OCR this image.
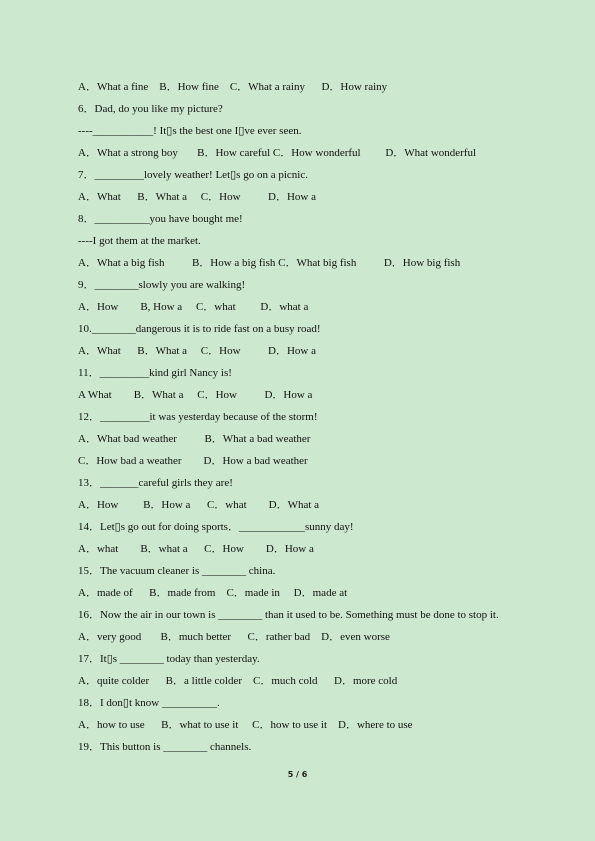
A．What a fine    B．How fine    C．What a rainy      D．How rainy
6．Dad, do you like my picture?
----___________! It▯s the best one I▯ve ever seen.
A．What a strong boy       B．How careful C．How wonderful         D．What wonderful
7．_________lovely weather! Let▯s go on a picnic.
A．What      B．What a     C．How          D．How a
8．__________you have bought me!
----I got them at the market.
A．What a big fish          B．How a big fish C．What big fish          D．How big fish
9．________slowly you are walking!
A．How        B, How a     C．what         D．what a
10.________dangerous it is to ride fast on a busy road!
A．What      B．What a     C．How          D．How a
11．_________kind girl Nancy is!
A What        B．What a     C．How          D．How a
12．_________it was yesterday because of the storm!
A．What bad weather          B．What a bad weather
C．How bad a weather        D．How a bad weather
13．_______careful girls they are!
A．How         B．How a      C．what        D．What a
14．Let▯s go out for doing sports．____________sunny day!
A．what        B．what a      C．How        D．How a
15．The vacuum cleaner is ________ china.
A．made of      B．made from    C．made in     D．made at
16．Now the air in our town is ________ than it used to be. Something must be done to stop it.
A．very good       B．much better      C．rather bad    D．even worse
17．It▯s ________ today than yesterday.
A．quite colder      B．a little colder    C．much cold      D．more cold
18．I don▯t know __________.
A．how to use      B．what to use it     C．how to use it    D．where to use
19．This button is ________ channels.
5 / 6
